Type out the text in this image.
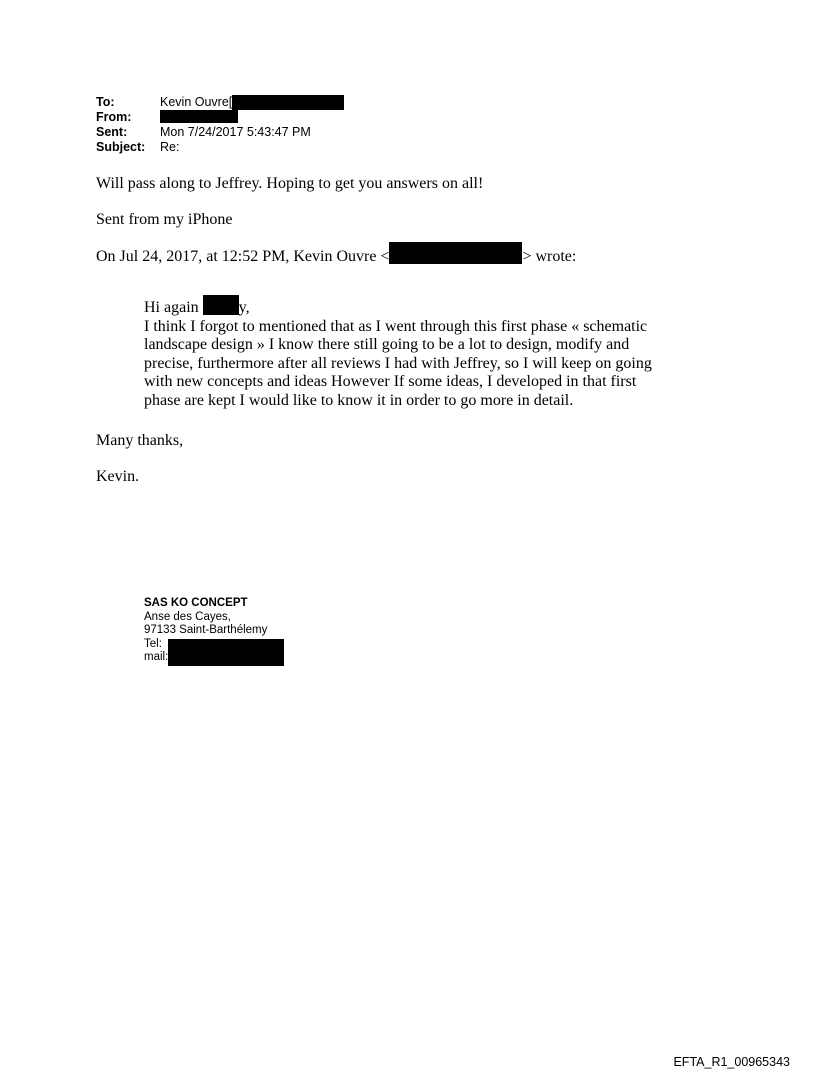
To:	Kevin Ouvre[
From:
Sent:	Mon 7/24/2017 5:43:47 PM
Subject: Re:
Will pass along to Jeffrey. Hoping to get you answers on all!
Sent from my iPhone
On Jul 24, 2017, at 12:52 PM, Kevin Ouvre <	> wrote:
Hi again y,
I think I forgot to mentioned that as I went through this first phase « schematic
landscape design » I know there still going to be a lot to design, modify and
precise, furthermore after all reviews I had with Jeffrey, so I will keep on going
with new concepts and ideas However If some ideas, I developed in that first
phase are kept I would like to know it in order to go more in detail.
Many thanks,
Kevin.
SAS KO CONCEPT
Anse des Cayes,
97133 Saint-Barthélemy
Tel:
mail:
EFTA_R1_00965343
